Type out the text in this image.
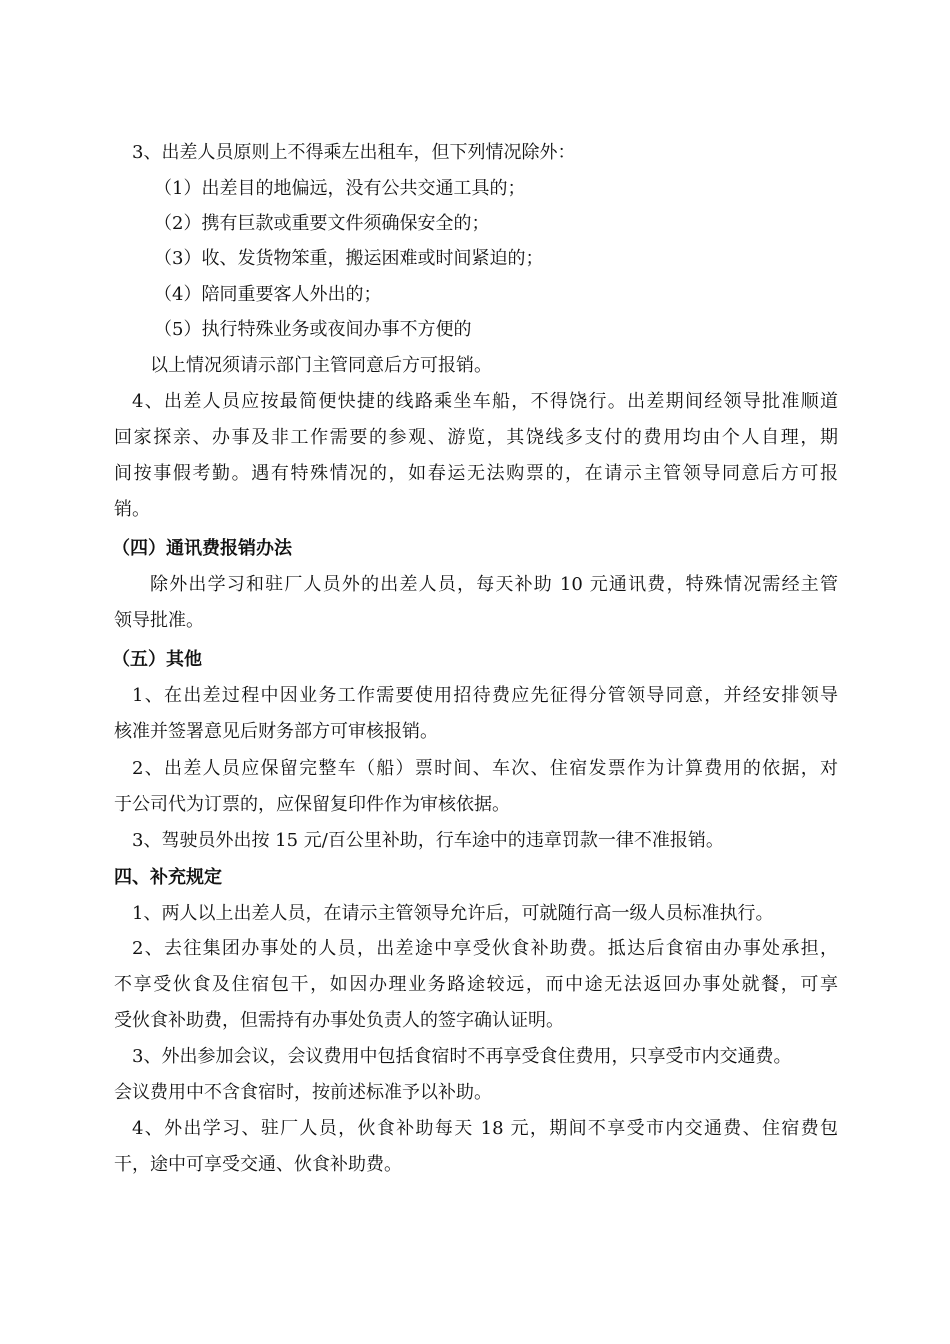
3、出差人员原则上不得乘左出租车，但下列情况除外：
（1）出差目的地偏远，没有公共交通工具的；
（2）携有巨款或重要文件须确保安全的；
（3）收、发货物笨重，搬运困难或时间紧迫的；
（4）陪同重要客人外出的；
（5）执行特殊业务或夜间办事不方便的
以上情况须请示部门主管同意后方可报销。
4、出差人员应按最简便快捷的线路乘坐车船，不得饶行。出差期间经领导批准顺道
回家探亲、办事及非工作需要的参观、游览，其饶线多支付的费用均由个人自理，期
间按事假考勤。遇有特殊情况的，如春运无法购票的，在请示主管领导同意后方可报
销。
（四）通讯费报销办法
除外出学习和驻厂人员外的出差人员，每天补助 10 元通讯费，特殊情况需经主管
领导批准。
（五）其他
1、在出差过程中因业务工作需要使用招待费应先征得分管领导同意，并经安排领导
核准并签署意见后财务部方可审核报销。
2、出差人员应保留完整车（船）票时间、车次、住宿发票作为计算费用的依据，对
于公司代为订票的，应保留复印件作为审核依据。
3、驾驶员外出按 15 元/百公里补助，行车途中的违章罚款一律不准报销。
四、补充规定
1、两人以上出差人员，在请示主管领导允许后，可就随行高一级人员标准执行。
2、去往集团办事处的人员，出差途中享受伙食补助费。抵达后食宿由办事处承担，
不享受伙食及住宿包干，如因办理业务路途较远，而中途无法返回办事处就餐，可享
受伙食补助费，但需持有办事处负责人的签字确认证明。
3、外出参加会议，会议费用中包括食宿时不再享受食住费用，只享受市内交通费。
会议费用中不含食宿时，按前述标准予以补助。
4、外出学习、驻厂人员，伙食补助每天 18 元，期间不享受市内交通费、住宿费包
干，途中可享受交通、伙食补助费。
